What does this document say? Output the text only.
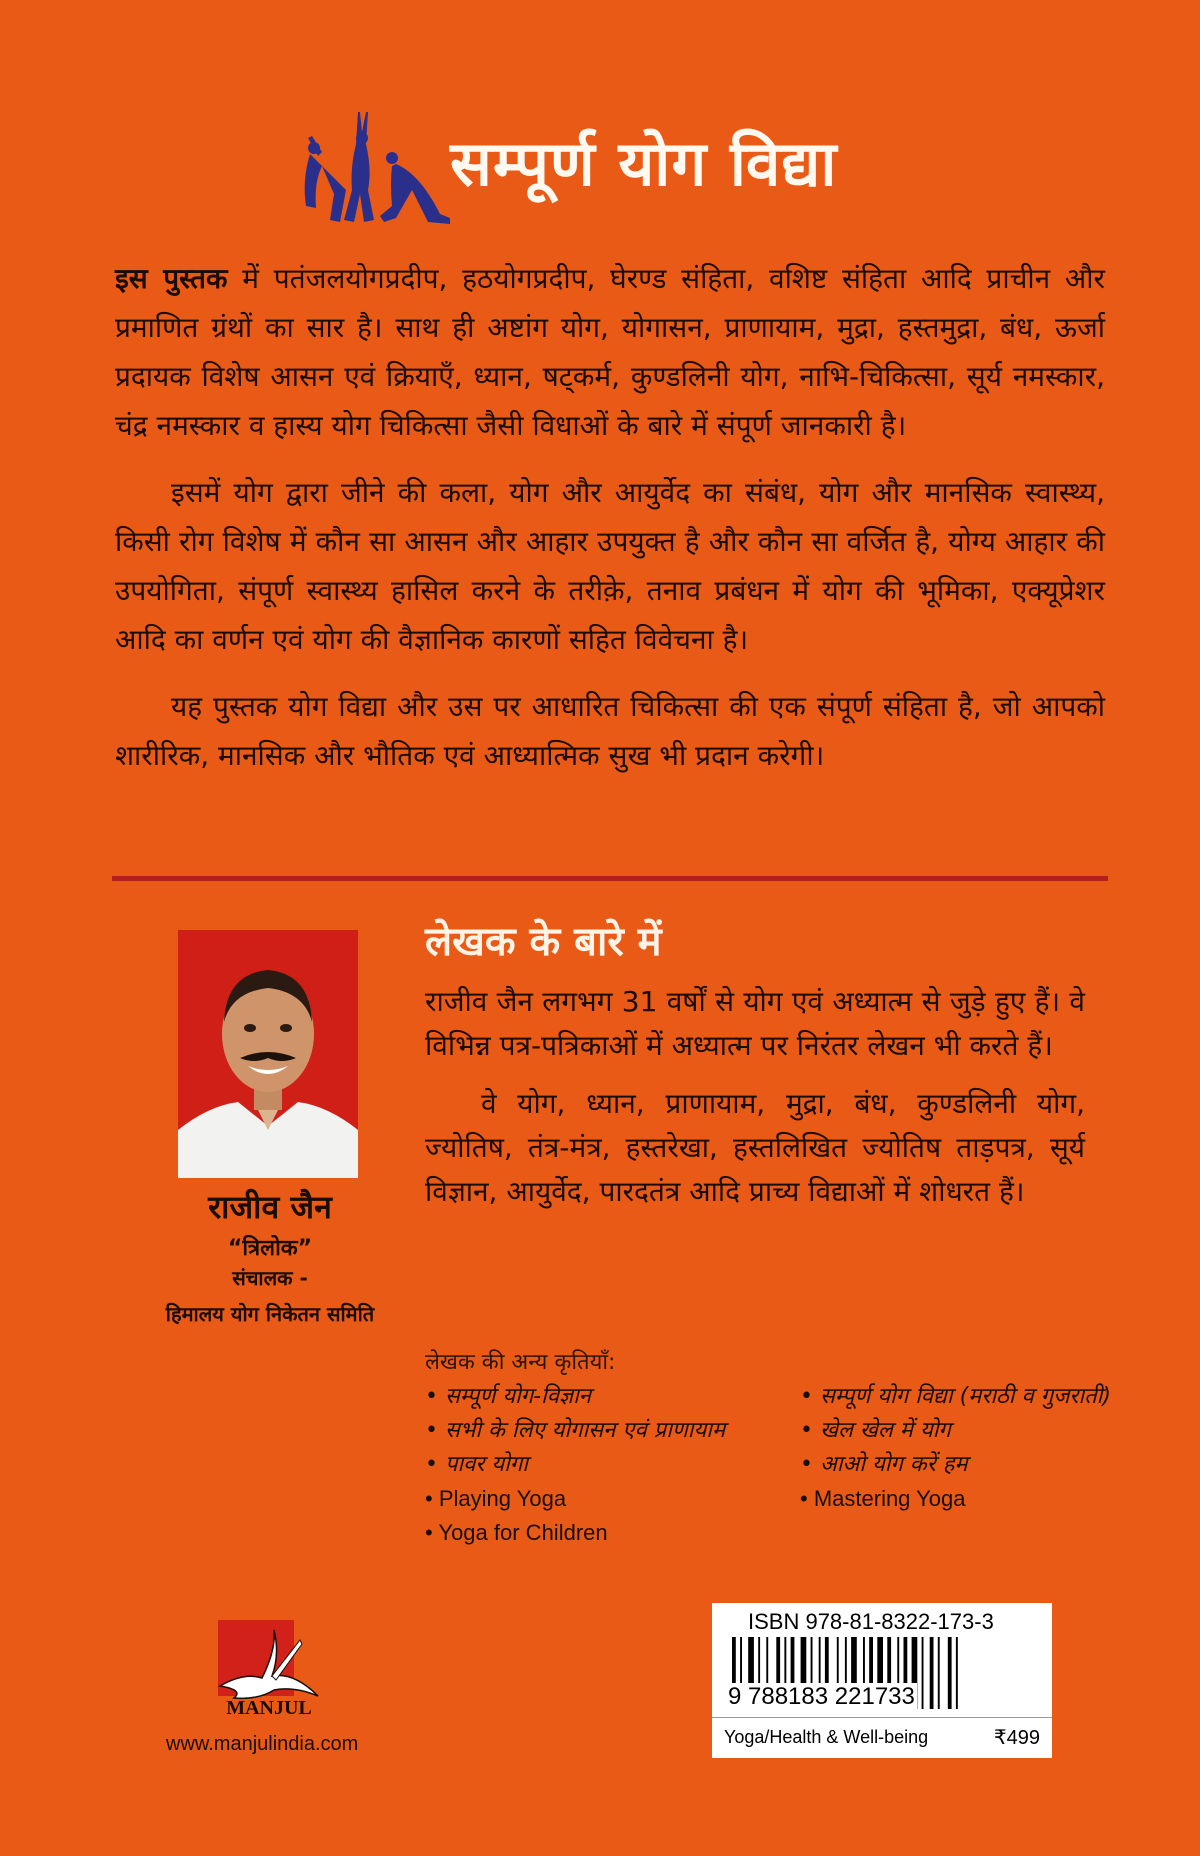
सम्पूर्ण योग विद्या

इस पुस्तक में पतंजलयोगप्रदीप, हठयोगप्रदीप, घेरण्ड संहिता, वशिष्ट संहिता आदि प्राचीन और प्रमाणित ग्रंथों का सार है। साथ ही अष्टांग योग, योगासन, प्राणायाम, मुद्रा, हस्तमुद्रा, बंध, ऊर्जा प्रदायक विशेष आसन एवं क्रियाएँ, ध्यान, षट्कर्म, कुण्डलिनी योग, नाभि-चिकित्सा, सूर्य नमस्कार, चंद्र नमस्कार व हास्य योग चिकित्सा जैसी विधाओं के बारे में संपूर्ण जानकारी है।

इसमें योग द्वारा जीने की कला, योग और आयुर्वेद का संबंध, योग और मानसिक स्वास्थ्य, किसी रोग विशेष में कौन सा आसन और आहार उपयुक्त है और कौन सा वर्जित है, योग्य आहार की उपयोगिता, संपूर्ण स्वास्थ्य हासिल करने के तरीक़े, तनाव प्रबंधन में योग की भूमिका, एक्यूप्रेशर आदि का वर्णन एवं योग की वैज्ञानिक कारणों सहित विवेचना है।

यह पुस्तक योग विद्या और उस पर आधारित चिकित्सा की एक संपूर्ण संहिता है, जो आपको शारीरिक, मानसिक और भौतिक एवं आध्यात्मिक सुख भी प्रदान करेगी।

राजीव जैन
“त्रिलोक”
संचालक -
हिमालय योग निकेतन समिति
लेखक के बारे में

राजीव जैन लगभग 31 वर्षों से योग एवं अध्यात्म से जुड़े हुए हैं। वे विभिन्न पत्र-पत्रिकाओं में अध्यात्म पर निरंतर लेखन भी करते हैं।

वे योग, ध्यान, प्राणायाम, मुद्रा, बंध, कुण्डलिनी योग, ज्योतिष, तंत्र-मंत्र, हस्तरेखा, हस्तलिखित ज्योतिष ताड़पत्र, सूर्य विज्ञान, आयुर्वेद, पारदतंत्र आदि प्राच्य विद्याओं में शोधरत हैं।

लेखक की अन्य कृतियाँ:
• सम्पूर्ण योग-विज्ञान
• सभी के लिए योगासन एवं प्राणायाम
• पावर योगा
• Playing Yoga
• Yoga for Children
• सम्पूर्ण योग विद्या (मराठी व गुजराती)
• खेल खेल में योग
• आओ योग करें हम
• Mastering Yoga
MANJUL
www.manjulindia.com
ISBN 978-81-8322-173-3
9 788183 221733
Yoga/Health & Well-being	₹499
